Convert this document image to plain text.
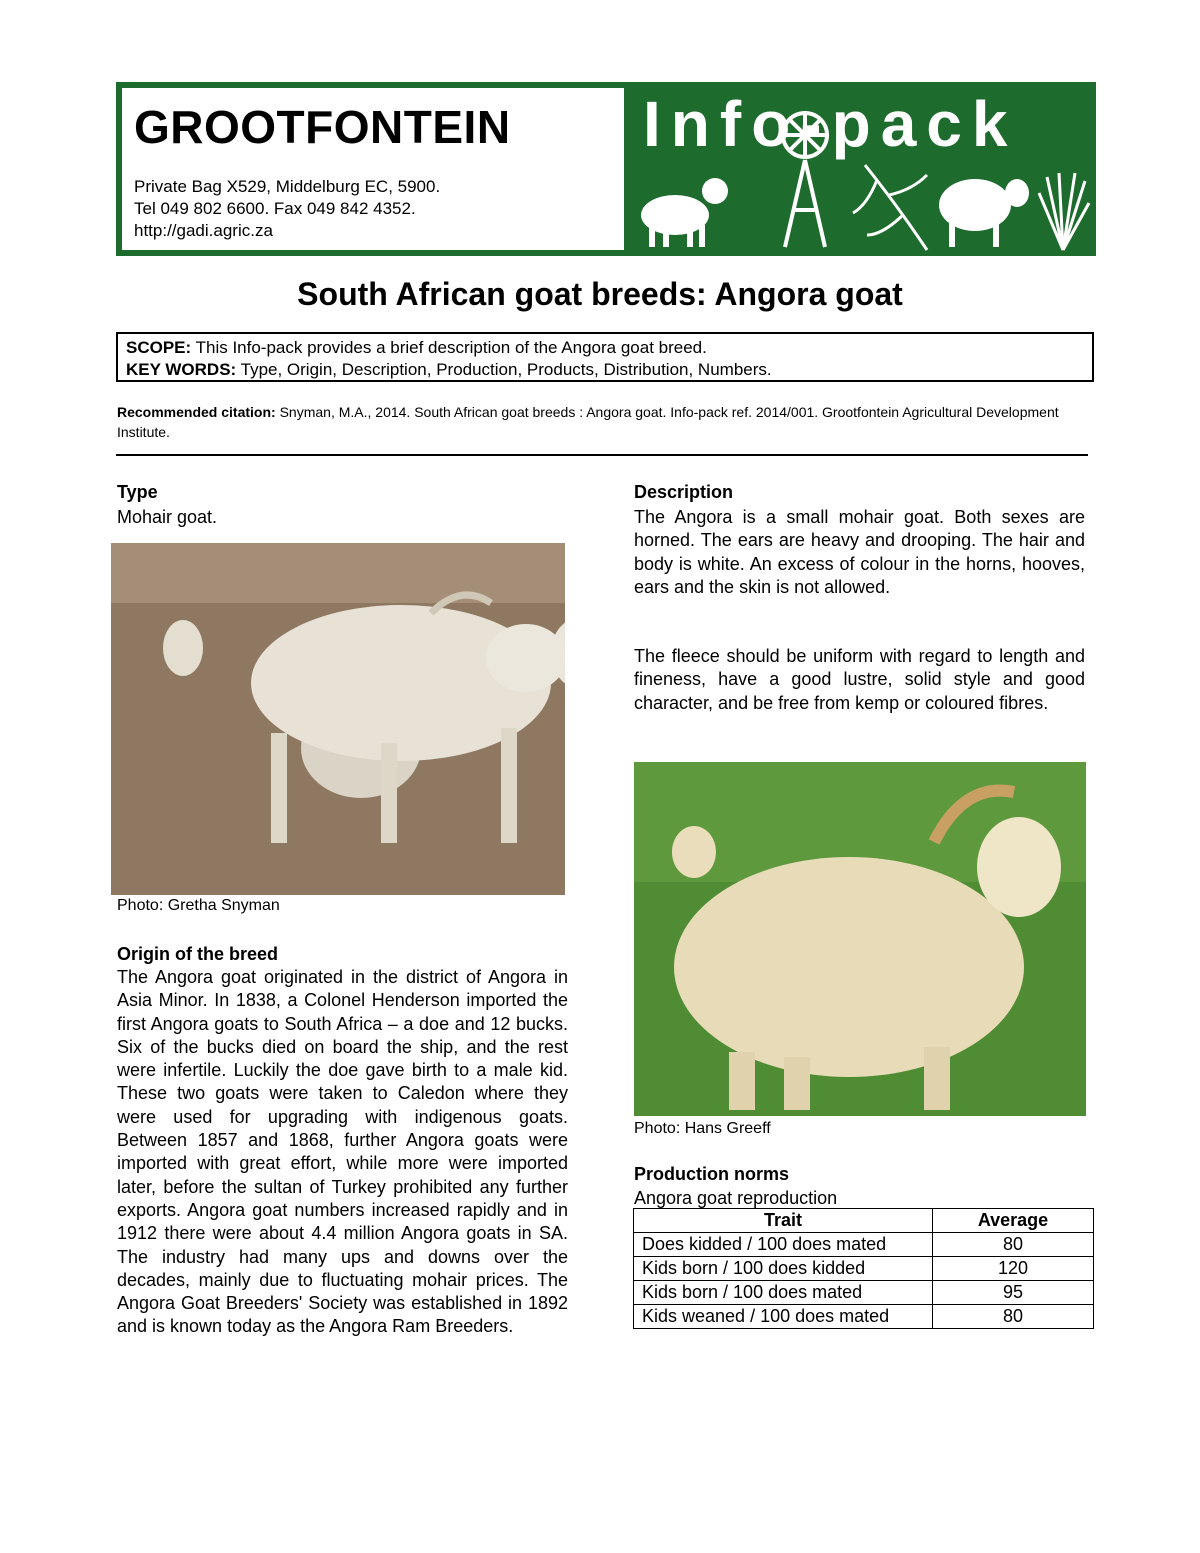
GROOTFONTEIN
Private Bag X529, Middelburg EC, 5900.
Tel 049 802 6600. Fax 049 842 4352.
http://gadi.agric.za
Info-pack
South African goat breeds: Angora goat
SCOPE: This Info-pack provides a brief description of the Angora goat breed.
KEY WORDS: Type, Origin, Description, Production, Products, Distribution, Numbers.
Recommended citation: Snyman, M.A., 2014. South African goat breeds : Angora goat. Info-pack ref. 2014/001. Grootfontein Agricultural Development Institute.
Type
Mohair goat.
Photo: Gretha Snyman
Origin of the breed
The Angora goat originated in the district of Angora in Asia Minor. In 1838, a Colonel Henderson imported the first Angora goats to South Africa – a doe and 12 bucks. Six of the bucks died on board the ship, and the rest were infertile. Luckily the doe gave birth to a male kid. These two goats were taken to Caledon where they were used for upgrading with indigenous goats. Between 1857 and 1868, further Angora goats were imported with great effort, while more were imported later, before the sultan of Turkey prohibited any further exports. Angora goat numbers increased rapidly and in 1912 there were about 4.4 million Angora goats in SA. The industry had many ups and downs over the decades, mainly due to fluctuating mohair prices. The Angora Goat Breeders' Society was established in 1892 and is known today as the Angora Ram Breeders.
Description
The Angora is a small mohair goat. Both sexes are horned. The ears are heavy and drooping. The hair and body is white. An excess of colour in the horns, hooves, ears and the skin is not allowed.
The fleece should be uniform with regard to length and fineness, have a good lustre, solid style and good character, and be free from kemp or coloured fibres.
Photo: Hans Greeff
Production norms
Angora goat reproduction
Trait	Average
Does kidded / 100 does mated	80
Kids born / 100 does kidded	120
Kids born / 100 does mated	95
Kids weaned / 100 does mated	80
